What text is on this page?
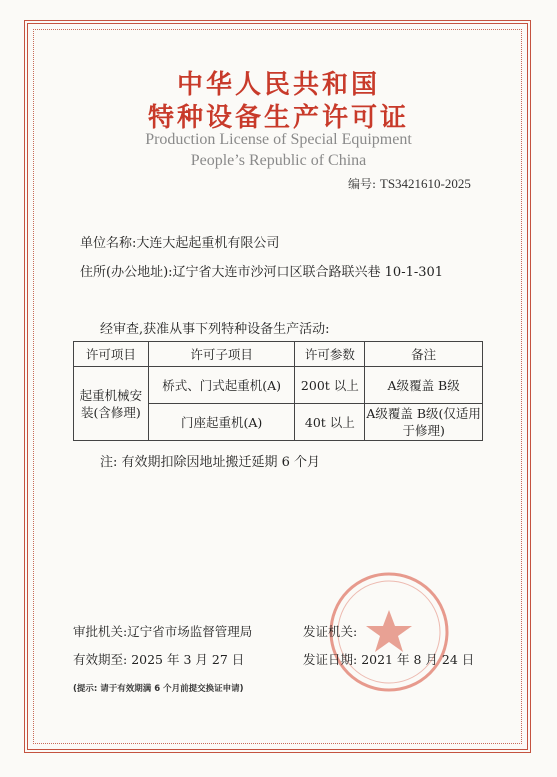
中华人民共和国
特种设备生产许可证
Production License of Special Equipment
People’s Republic of China
编号: TS3421610-2025
单位名称:大连大起起重机有限公司
住所(办公地址):辽宁省大连市沙河口区联合路联兴巷 10-1-301
经审查,获准从事下列特种设备生产活动:
许可项目	许可子项目	许可参数	备注
起重机械安装(含修理)	桥式、门式起重机(A)	200t 以上	A级覆盖 B级
	门座起重机(A)	40t 以上	A级覆盖 B级(仅适用于修理)
注: 有效期扣除因地址搬迁延期 6 个月
审批机关:辽宁省市场监督管理局
有效期至: 2025 年 3 月 27 日
发证机关:
发证日期: 2021 年 8 月 24 日
(提示: 请于有效期满 6 个月前提交换证申请)
